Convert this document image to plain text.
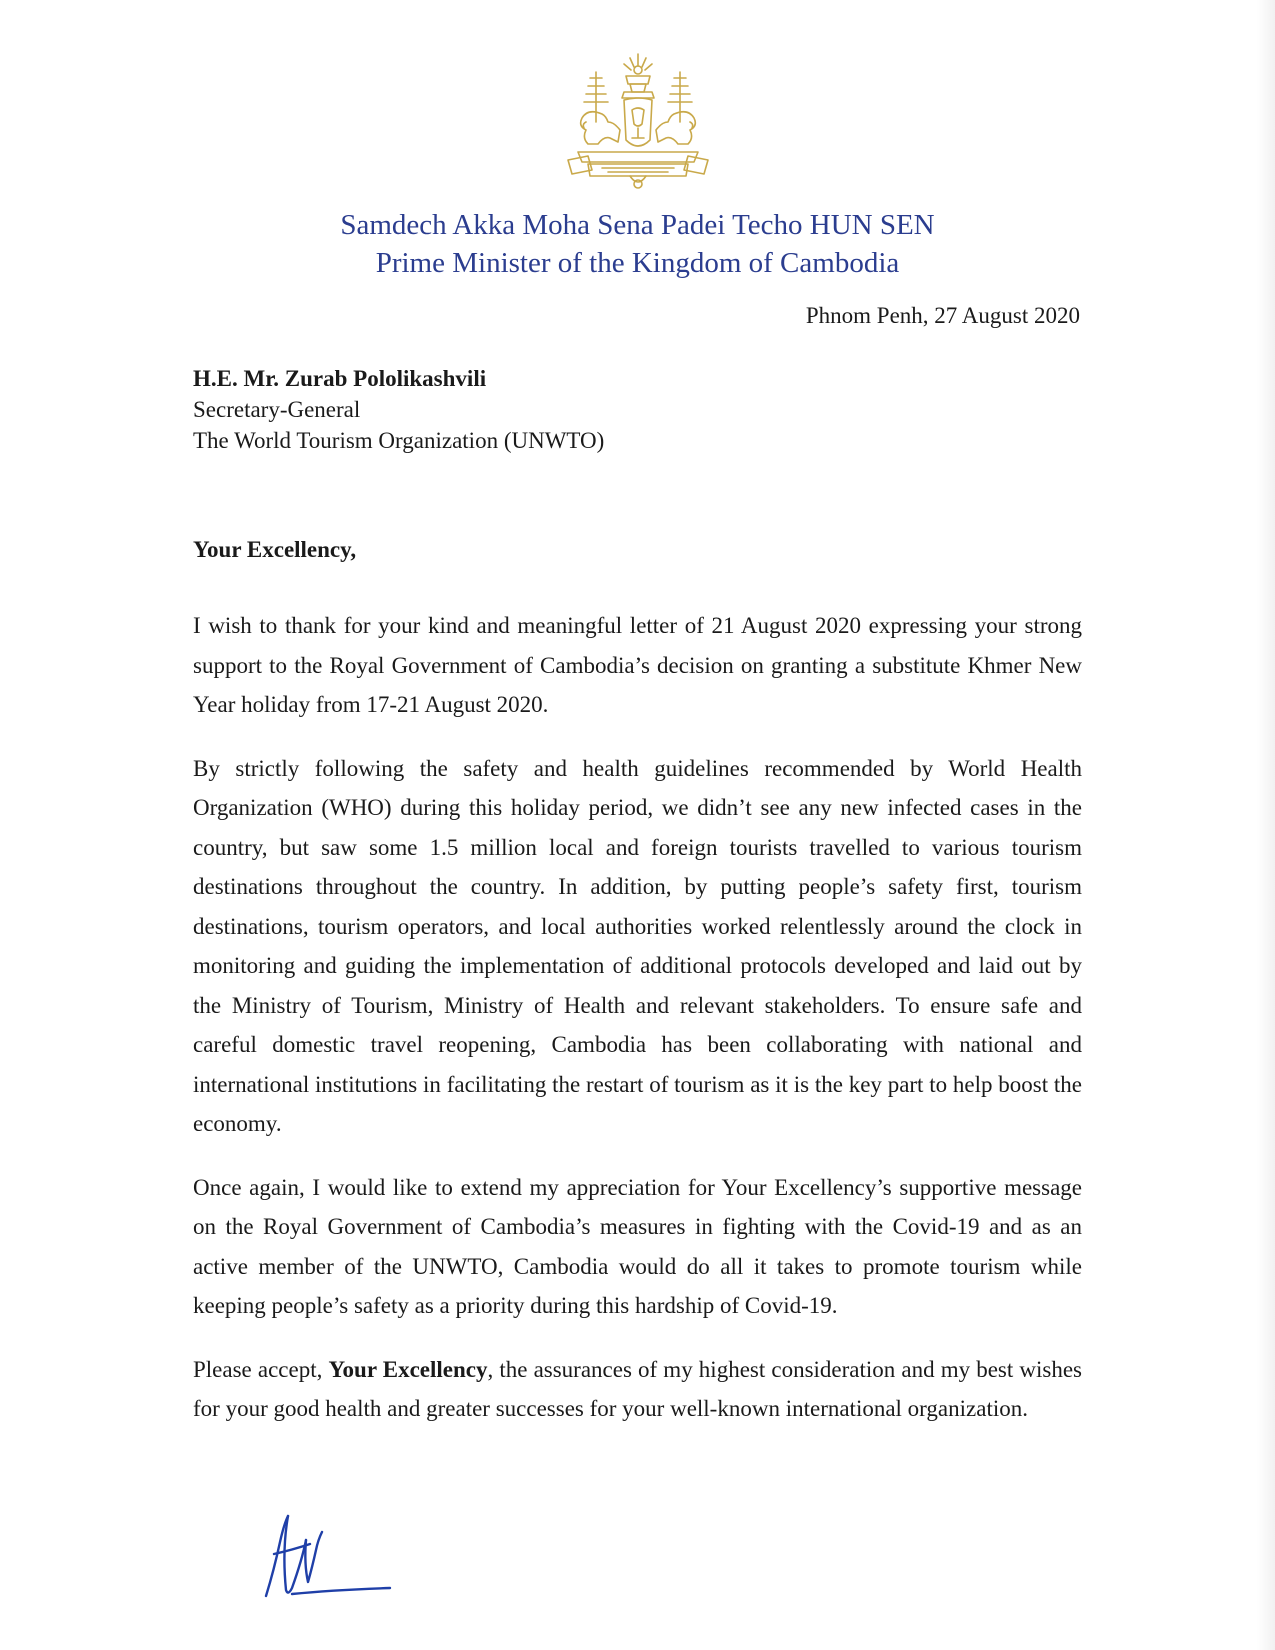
Samdech Akka Moha Sena Padei Techo HUN SEN
Prime Minister of the Kingdom of Cambodia
Phnom Penh, 27 August 2020
H.E. Mr. Zurab Pololikashvili
Secretary-General
The World Tourism Organization (UNWTO)
Your Excellency,

I wish to thank for your kind and meaningful letter of 21 August 2020 expressing your strong support to the Royal Government of Cambodia’s decision on granting a substitute Khmer New Year holiday from 17-21 August 2020.

By strictly following the safety and health guidelines recommended by World Health Organization (WHO) during this holiday period, we didn’t see any new infected cases in the country, but saw some 1.5 million local and foreign tourists travelled to various tourism destinations throughout the country. In addition, by putting people’s safety first, tourism destinations, tourism operators, and local authorities worked relentlessly around the clock in monitoring and guiding the implementation of additional protocols developed and laid out by the Ministry of Tourism, Ministry of Health and relevant stakeholders. To ensure safe and careful domestic travel reopening, Cambodia has been collaborating with national and international institutions in facilitating the restart of tourism as it is the key part to help boost the economy.

Once again, I would like to extend my appreciation for Your Excellency’s supportive message on the Royal Government of Cambodia’s measures in fighting with the Covid-19 and as an active member of the UNWTO, Cambodia would do all it takes to promote tourism while keeping people’s safety as a priority during this hardship of Covid-19.

Please accept, Your Excellency, the assurances of my highest consideration and my best wishes for your good health and greater successes for your well-known international organization.
